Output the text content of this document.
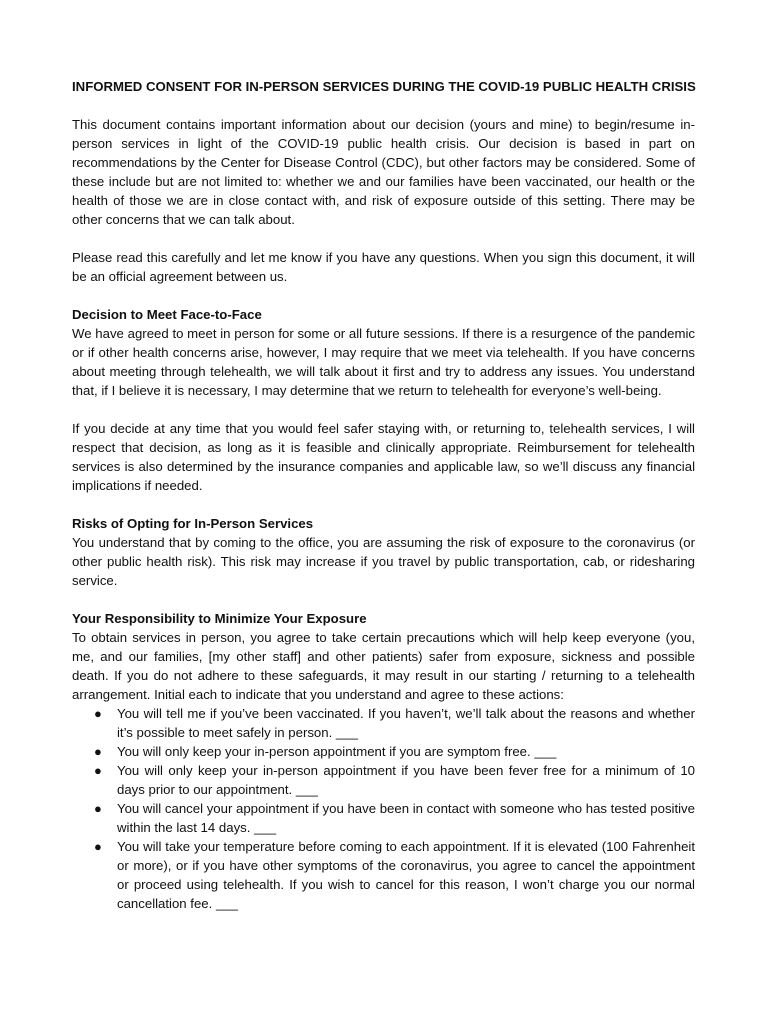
INFORMED CONSENT FOR IN-PERSON SERVICES DURING THE COVID-19 PUBLIC HEALTH CRISIS

This document contains important information about our decision (yours and mine) to begin/resume in-person services in light of the COVID-19 public health crisis. Our decision is based in part on recommendations by the Center for Disease Control (CDC), but other factors may be considered. Some of these include but are not limited to: whether we and our families have been vaccinated, our health or the health of those we are in close contact with, and risk of exposure outside of this setting. There may be other concerns that we can talk about.

Please read this carefully and let me know if you have any questions. When you sign this document, it will be an official agreement between us.

Decision to Meet Face-to-Face

We have agreed to meet in person for some or all future sessions. If there is a resurgence of the pandemic or if other health concerns arise, however, I may require that we meet via telehealth. If you have concerns about meeting through telehealth, we will talk about it first and try to address any issues. You understand that, if I believe it is necessary, I may determine that we return to telehealth for everyone’s well-being.

If you decide at any time that you would feel safer staying with, or returning to, telehealth services, I will respect that decision, as long as it is feasible and clinically appropriate. Reimbursement for telehealth services is also determined by the insurance companies and applicable law, so we’ll discuss any financial implications if needed.

Risks of Opting for In-Person Services

You understand that by coming to the office, you are assuming the risk of exposure to the coronavirus (or other public health risk). This risk may increase if you travel by public transportation, cab, or ridesharing service.

Your Responsibility to Minimize Your Exposure

To obtain services in person, you agree to take certain precautions which will help keep everyone (you, me, and our families, [my other staff] and other patients) safer from exposure, sickness and possible death. If you do not adhere to these safeguards, it may result in our starting / returning to a telehealth arrangement. Initial each to indicate that you understand and agree to these actions:

● You will tell me if you’ve been vaccinated. If you haven’t, we’ll talk about the reasons and whether it’s possible to meet safely in person. ___
● You will only keep your in-person appointment if you are symptom free. ___
● You will only keep your in-person appointment if you have been fever free for a minimum of 10 days prior to our appointment. ___
● You will cancel your appointment if you have been in contact with someone who has tested positive within the last 14 days. ___
● You will take your temperature before coming to each appointment. If it is elevated (100 Fahrenheit or more), or if you have other symptoms of the coronavirus, you agree to cancel the appointment or proceed using telehealth. If you wish to cancel for this reason, I won’t charge you our normal cancellation fee. ___
